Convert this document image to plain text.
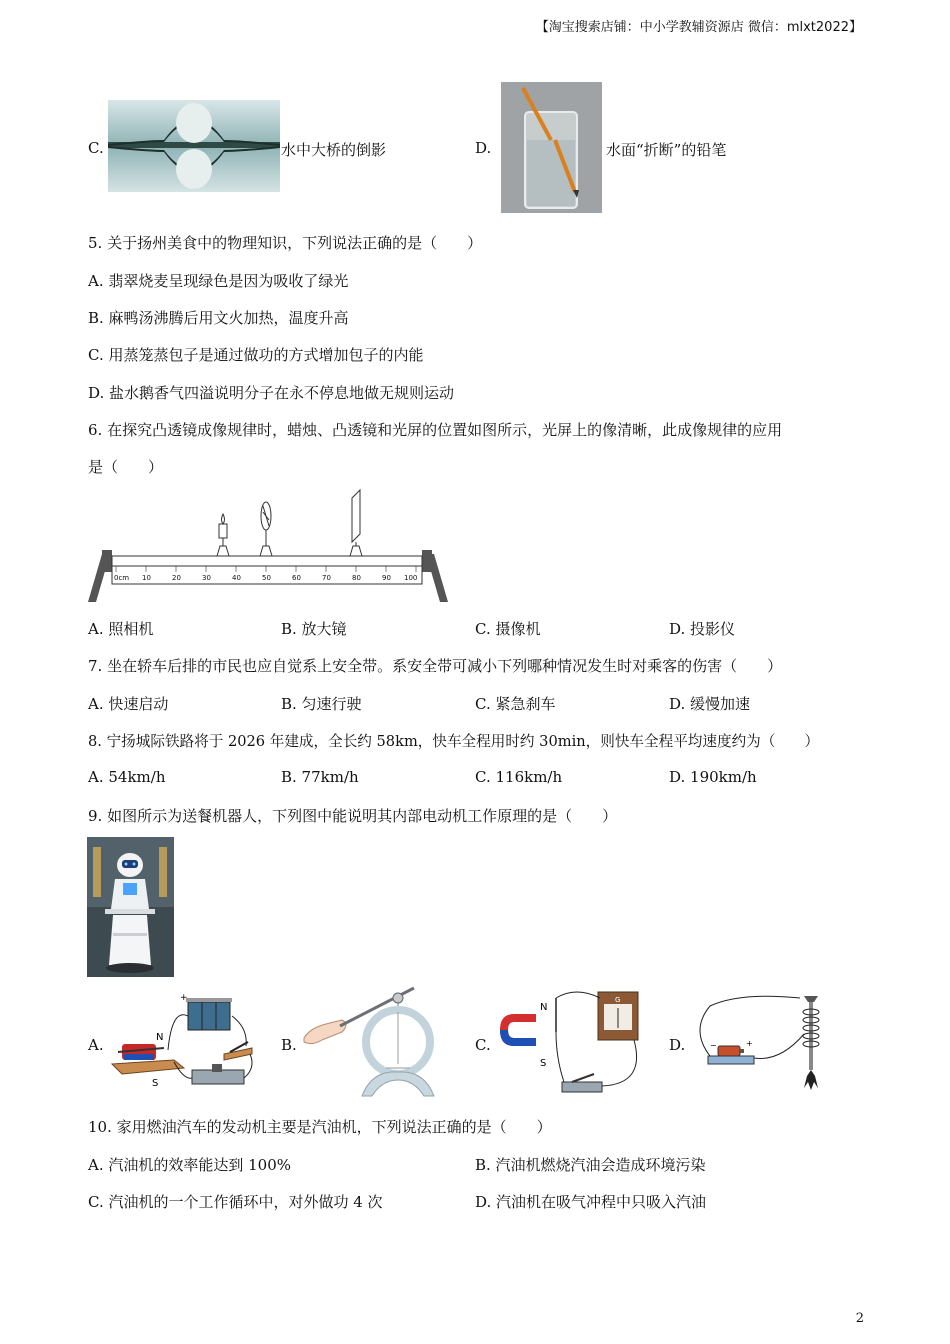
【淘宝搜索店铺：中小学教辅资源店 微信：mlxt2022】
C.	水中大桥的倒影	D.	水面“折断”的铅笔
5. 关于扬州美食中的物理知识，下列说法正确的是（　　）
A. 翡翠烧麦呈现绿色是因为吸收了绿光
B. 麻鸭汤沸腾后用文火加热，温度升高
C. 用蒸笼蒸包子是通过做功的方式增加包子的内能
D. 盐水鹅香气四溢说明分子在永不停息地做无规则运动
6. 在探究凸透镜成像规律时，蜡烛、凸透镜和光屏的位置如图所示，光屏上的像清晰，此成像规律的应用
是（　　）
0cm 10	20	30	40	50	60	70	80	90 100
A. 照相机	B. 放大镜	C. 摄像机	D. 投影仪
7. 坐在轿车后排的市民也应自觉系上安全带。系安全带可减小下列哪种情况发生时对乘客的伤害（　　）
A. 快速启动	B. 匀速行驶	C. 紧急刹车	D. 缓慢加速
8. 宁扬城际铁路将于 2026 年建成，全长约 58km，快车全程用时约 30min，则快车全程平均速度约为（　　）
A. 54km/h	B. 77km/h	C. 116km/h	D. 190km/h
9. 如图所示为送餐机器人，下列图中能说明其内部电动机工作原理的是（　　）
A.	N
S
+
B.	C.
N
S
G
D.	−	+
10. 家用燃油汽车的发动机主要是汽油机，下列说法正确的是（　　）
A. 汽油机的效率能达到 100%	B. 汽油机燃烧汽油会造成环境污染
C. 汽油机的一个工作循环中，对外做功 4 次	D. 汽油机在吸气冲程中只吸入汽油
2
